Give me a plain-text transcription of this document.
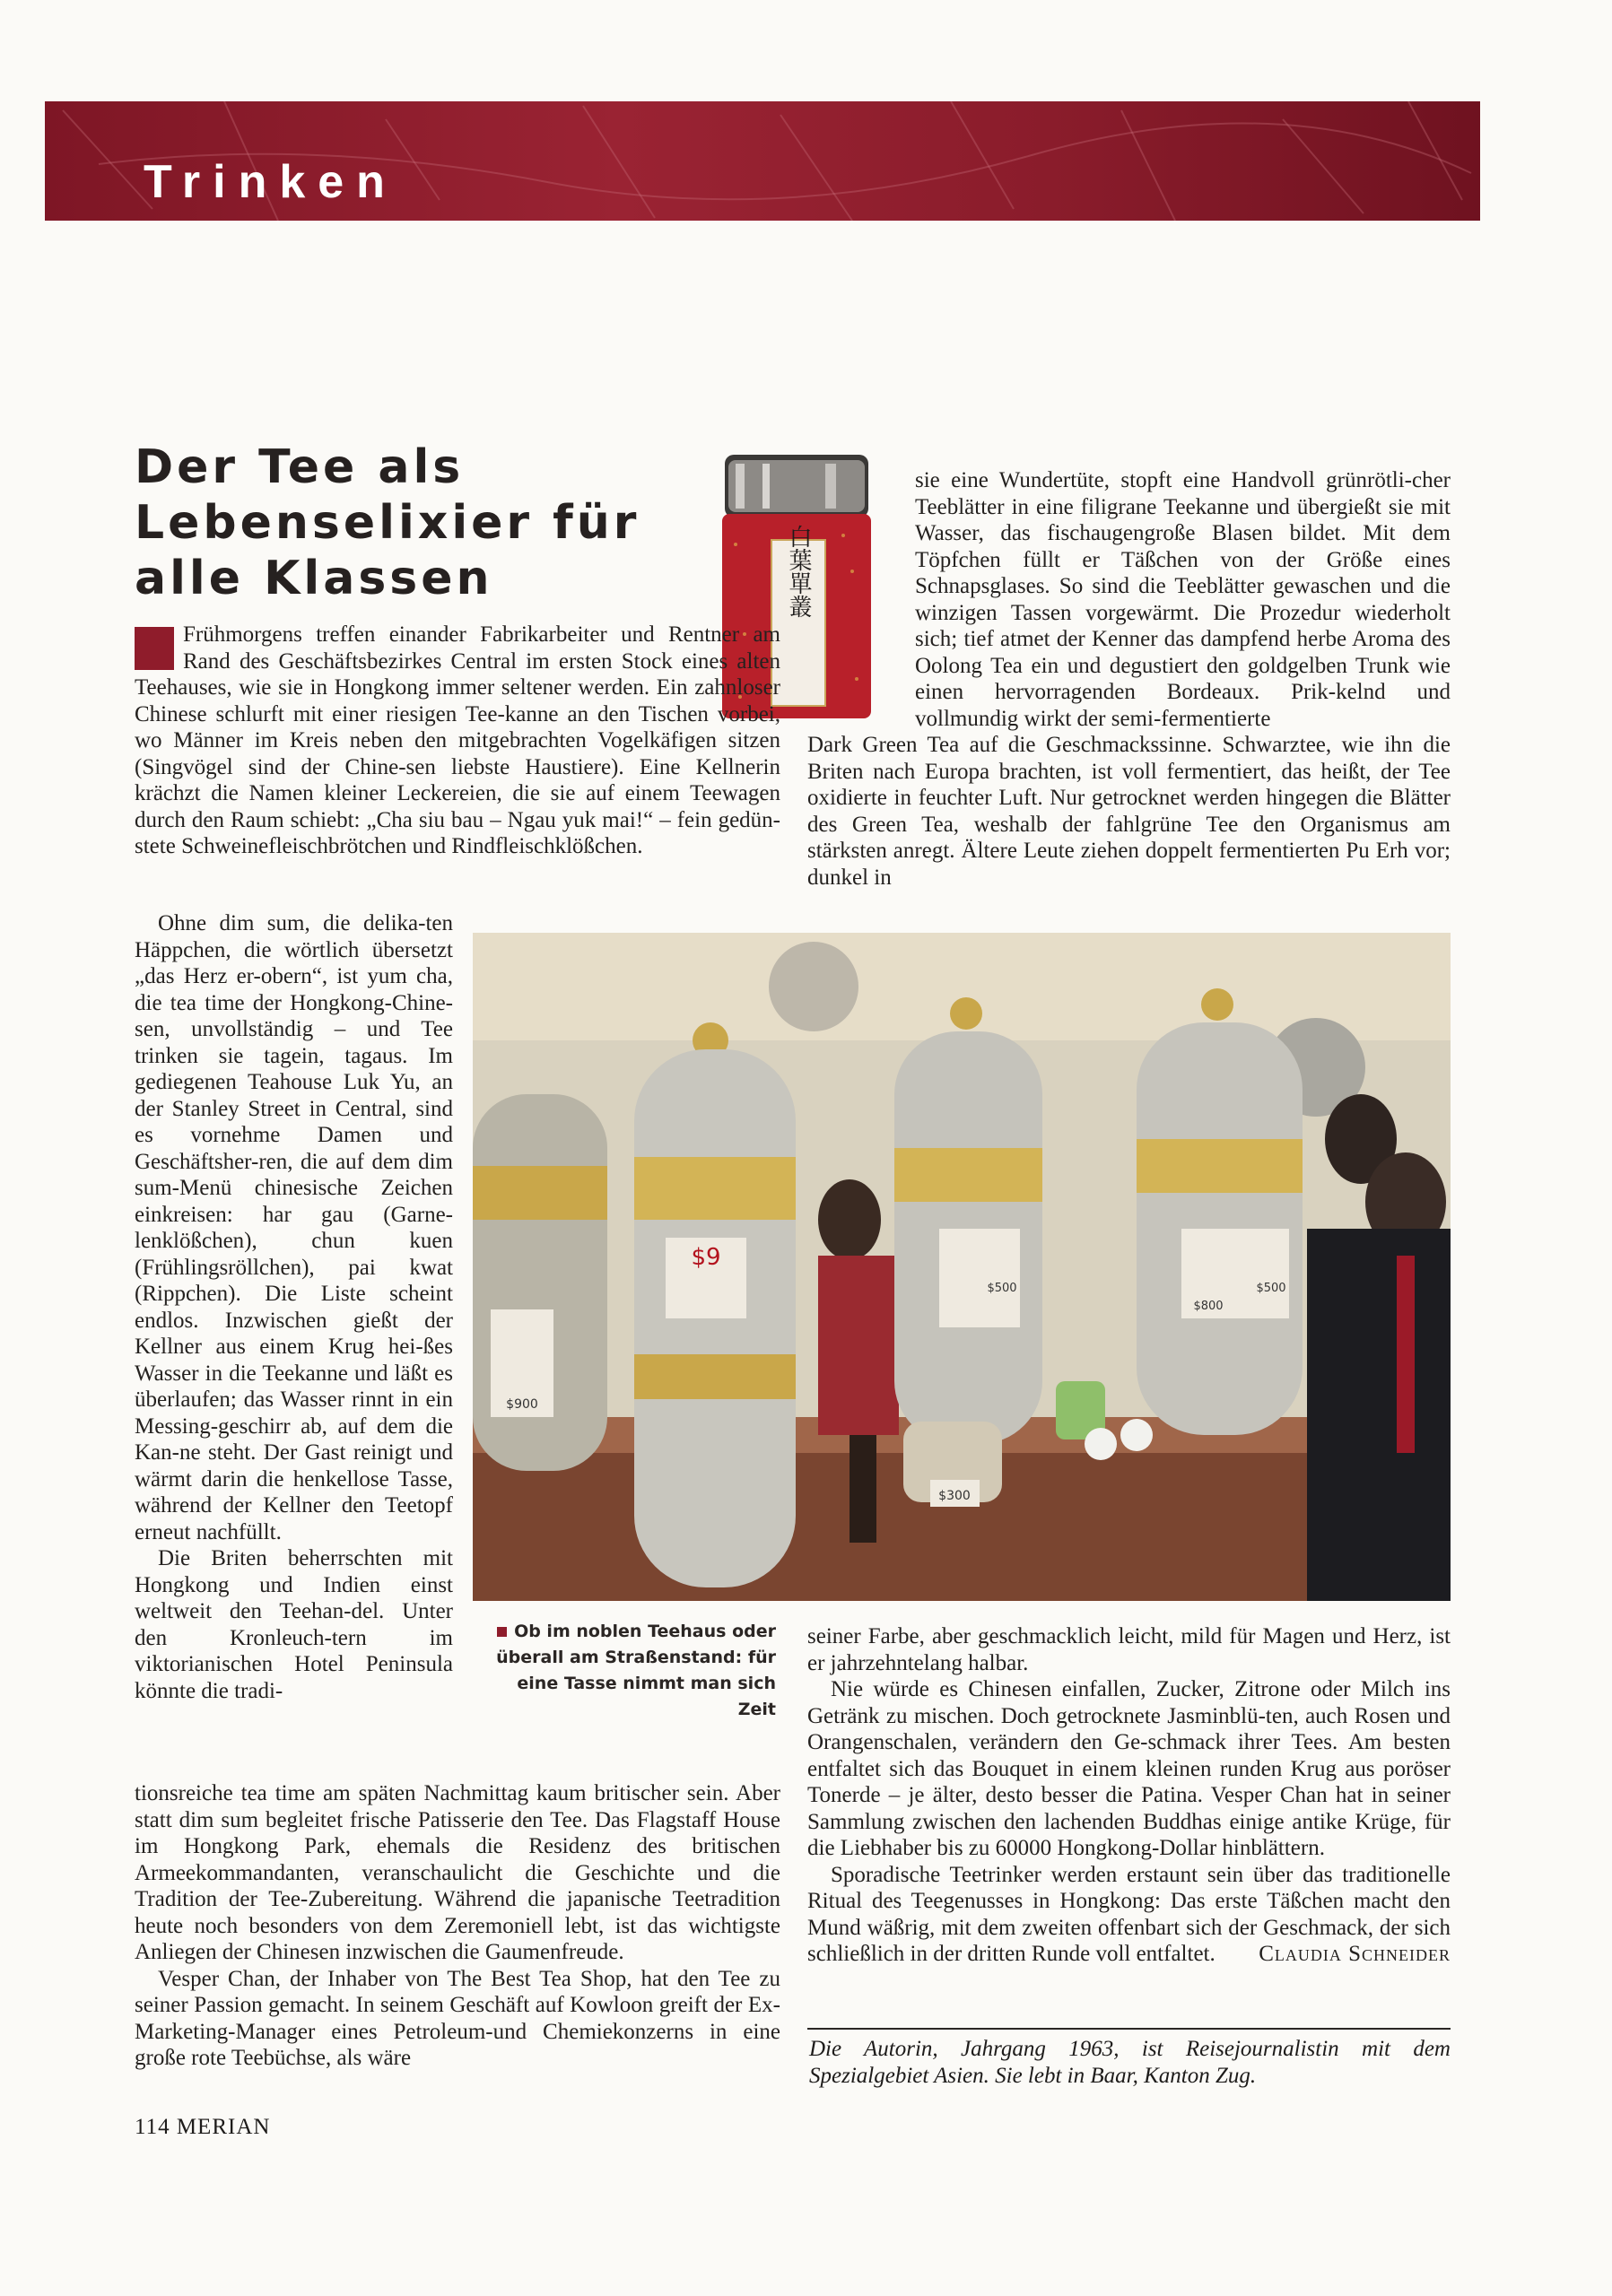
Trinken
Der Tee als Lebenselixier für alle Klassen	白葉單叢

Frühmorgens treffen einander Fabrikarbeiter und Rentner am Rand des Geschäftsbezirkes Central im ersten Stock eines alten Teehauses, wie sie in Hongkong immer seltener werden. Ein zahnloser Chinese schlurft mit einer riesigen Tee-kanne an den Tischen vorbei, wo Männer im Kreis neben den mitgebrachten Vogelkäfigen sitzen (Singvögel sind der Chine-sen liebste Haustiere). Eine Kellnerin krächzt die Namen kleiner Leckereien, die sie auf einem Teewagen durch den Raum schiebt: „Cha siu bau – Ngau yuk mai!“ – fein gedün-stete Schweinefleischbrötchen und Rindfleischklößchen.

Ohne dim sum, die delika-ten Häppchen, die wörtlich übersetzt „das Herz er-obern“, ist yum cha, die tea time der Hongkong-Chine-sen, unvollständig – und Tee trinken sie tagein, tagaus. Im gediegenen Teahouse Luk Yu, an der Stanley Street in Central, sind es vornehme Damen und Geschäftsher-ren, die auf dem dim sum-Menü chinesische Zeichen einkreisen: har gau (Garne-lenklößchen), chun kuen (Frühlingsröllchen), pai kwat (Rippchen). Die Liste scheint endlos. Inzwischen gießt der Kellner aus einem Krug hei-ßes Wasser in die Teekanne und läßt es überlaufen; das Wasser rinnt in ein Messing-geschirr ab, auf dem die Kan-ne steht. Der Gast reinigt und wärmt darin die henkellose Tasse, während der Kellner den Teetopf erneut nachfüllt.

Die Briten beherrschten mit Hongkong und Indien einst weltweit den Teehan-del. Unter den Kronleuch-tern im viktorianischen Hotel Peninsula könnte die tradi-

tionsreiche tea time am späten Nachmittag kaum britischer sein. Aber statt dim sum begleitet frische Patisserie den Tee. Das Flagstaff House im Hongkong Park, ehemals die Residenz des britischen Armeekommandanten, veranschaulicht die Geschichte und die Tradition der Tee-Zubereitung. Während die japanische Teetradition heute noch besonders von dem Zeremoniell lebt, ist das wichtigste Anliegen der Chinesen inzwischen die Gaumenfreude.

Vesper Chan, der Inhaber von The Best Tea Shop, hat den Tee zu seiner Passion gemacht. In seinem Geschäft auf Kowloon greift der Ex-Marketing-Manager eines Petroleum-und Chemiekonzerns in eine große rote Teebüchse, als wäre

sie eine Wundertüte, stopft eine Handvoll grünrötli-cher Teeblätter in eine filigrane Teekanne und übergießt sie mit Wasser, das fischaugengroße Blasen bildet. Mit dem Töpfchen füllt er Täßchen von der Größe eines Schnapsglases. So sind die Teeblätter gewaschen und die winzigen Tassen vorgewärmt. Die Prozedur wiederholt sich; tief atmet der Kenner das dampfend herbe Aroma des Oolong Tea ein und degustiert den goldgelben Trunk wie einen hervorragenden Bordeaux. Prik-kelnd und vollmundig wirkt der semi-fermentierte

Dark Green Tea auf die Geschmackssinne. Schwarztee, wie ihn die Briten nach Europa brachten, ist voll fermentiert, das heißt, der Tee oxidierte in feuchter Luft. Nur getrocknet werden hingegen die Blätter des Green Tea, weshalb der fahlgrüne Tee den Organismus am stärksten anregt. Ältere Leute ziehen doppelt fermentierten Pu Erh vor; dunkel in

$9
$900
$500
$800
$500
$300
Ob im noblen Teehaus oder überall am Straßenstand: für eine Tasse nimmt man sich Zeit

seiner Farbe, aber geschmacklich leicht, mild für Magen und Herz, ist er jahrzehntelang halbar.

Nie würde es Chinesen einfallen, Zucker, Zitrone oder Milch ins Getränk zu mischen. Doch getrocknete Jasminblü-ten, auch Rosen und Orangenschalen, verändern den Ge-schmack ihrer Tees. Am besten entfaltet sich das Bouquet in einem kleinen runden Krug aus poröser Tonerde – je älter, desto besser die Patina. Vesper Chan hat in seiner Sammlung zwischen den lachenden Buddhas einige antike Krüge, für die Liebhaber bis zu 60000 Hongkong-Dollar hinblättern.

Sporadische Teetrinker werden erstaunt sein über das traditionelle Ritual des Teegenusses in Hongkong: Das erste Täßchen macht den Mund wäßrig, mit dem zweiten offenbart sich der Geschmack, der sich schließlich in der dritten Runde voll entfaltet.	Claudia Schneider

Die Autorin, Jahrgang 1963, ist Reisejournalistin mit dem Spezialgebiet Asien. Sie lebt in Baar, Kanton Zug.
114 MERIAN
